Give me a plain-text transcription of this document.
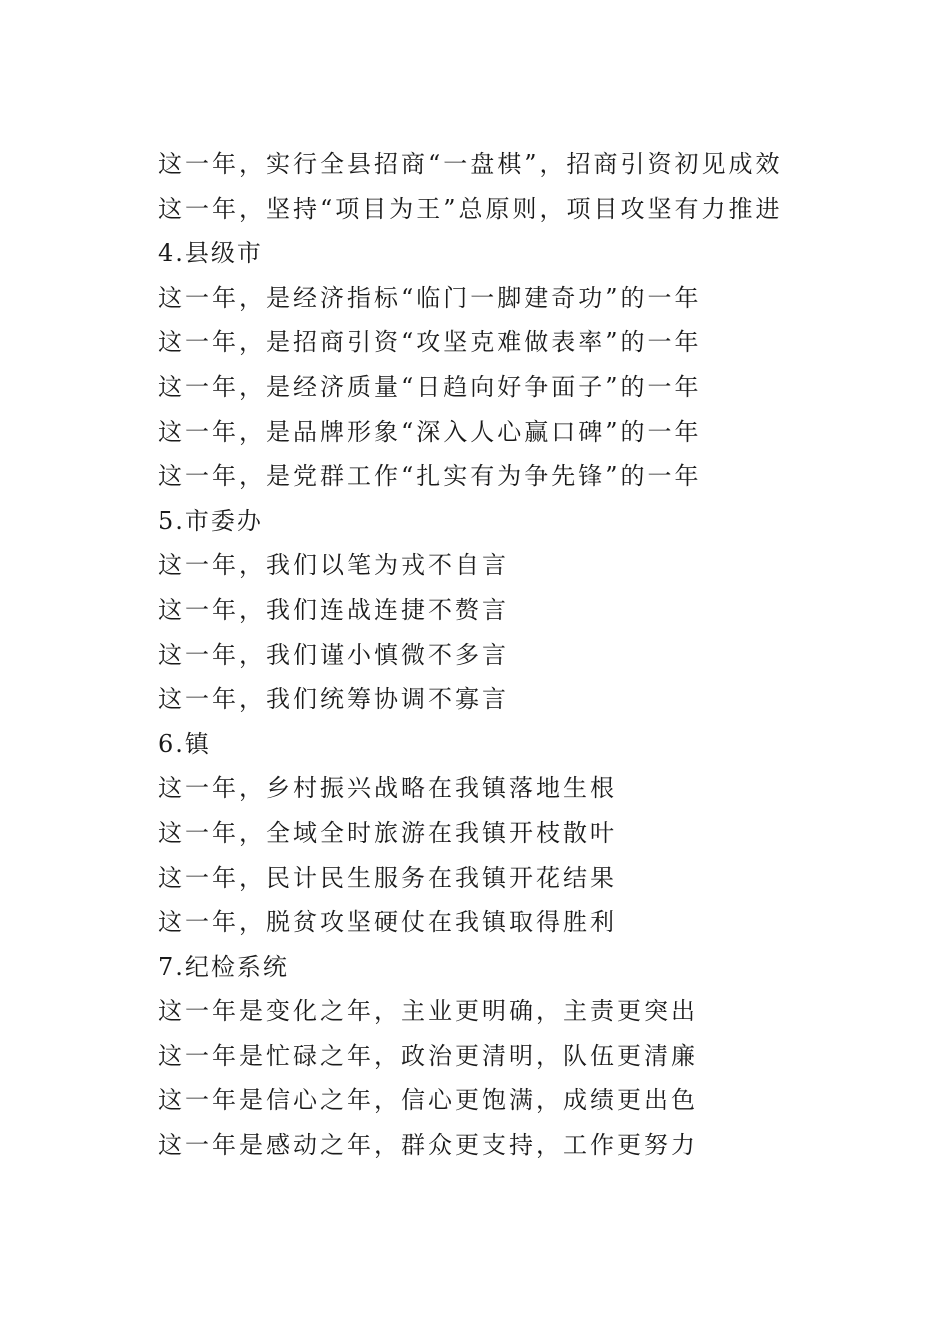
这一年，实行全县招商“一盘棋”，招商引资初见成效
这一年，坚持“项目为王”总原则，项目攻坚有力推进
4.县级市
这一年，是经济指标“临门一脚建奇功”的一年
这一年，是招商引资“攻坚克难做表率”的一年
这一年，是经济质量“日趋向好争面子”的一年
这一年，是品牌形象“深入人心赢口碑”的一年
这一年，是党群工作“扎实有为争先锋”的一年
5.市委办
这一年，我们以笔为戎不自言
这一年，我们连战连捷不赘言
这一年，我们谨小慎微不多言
这一年，我们统筹协调不寡言
6.镇
这一年，乡村振兴战略在我镇落地生根
这一年，全域全时旅游在我镇开枝散叶
这一年，民计民生服务在我镇开花结果
这一年，脱贫攻坚硬仗在我镇取得胜利
7.纪检系统
这一年是变化之年，主业更明确，主责更突出
这一年是忙碌之年，政治更清明，队伍更清廉
这一年是信心之年，信心更饱满，成绩更出色
这一年是感动之年，群众更支持，工作更努力
